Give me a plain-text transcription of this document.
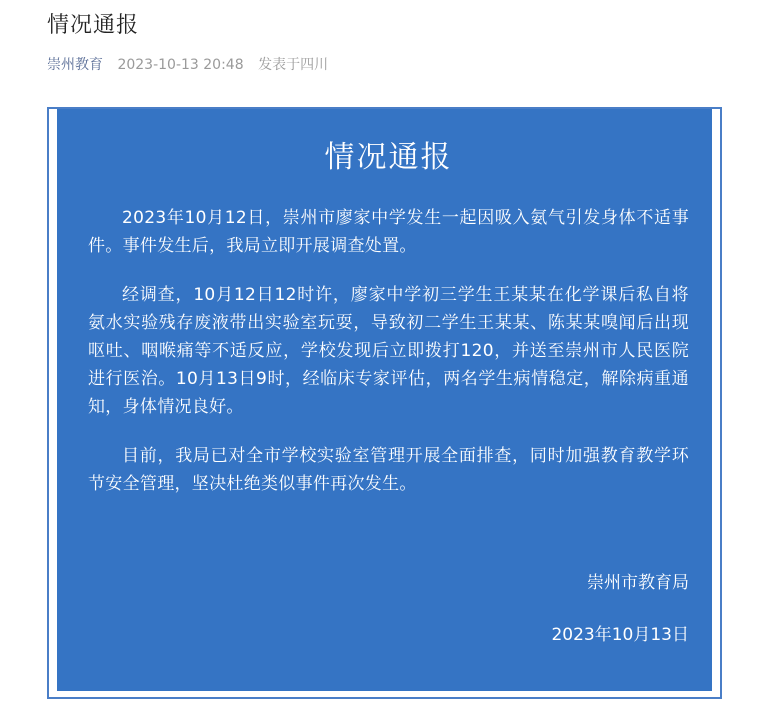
情况通报
崇州教育 2023-10-13 20:48 发表于四川
情况通报

2023年10月12日，崇州市廖家中学发生一起因吸入氨气引发身体不适事件。事件发生后，我局立即开展调查处置。

经调查，10月12日12时许，廖家中学初三学生王某某在化学课后私自将氨水实验残存废液带出实验室玩耍，导致初二学生王某某、陈某某嗅闻后出现呕吐、咽喉痛等不适反应，学校发现后立即拨打120，并送至崇州市人民医院进行医治。10月13日9时，经临床专家评估，两名学生病情稳定，解除病重通知，身体情况良好。

目前，我局已对全市学校实验室管理开展全面排查，同时加强教育教学环节安全管理，坚决杜绝类似事件再次发生。

崇州市教育局
2023年10月13日
